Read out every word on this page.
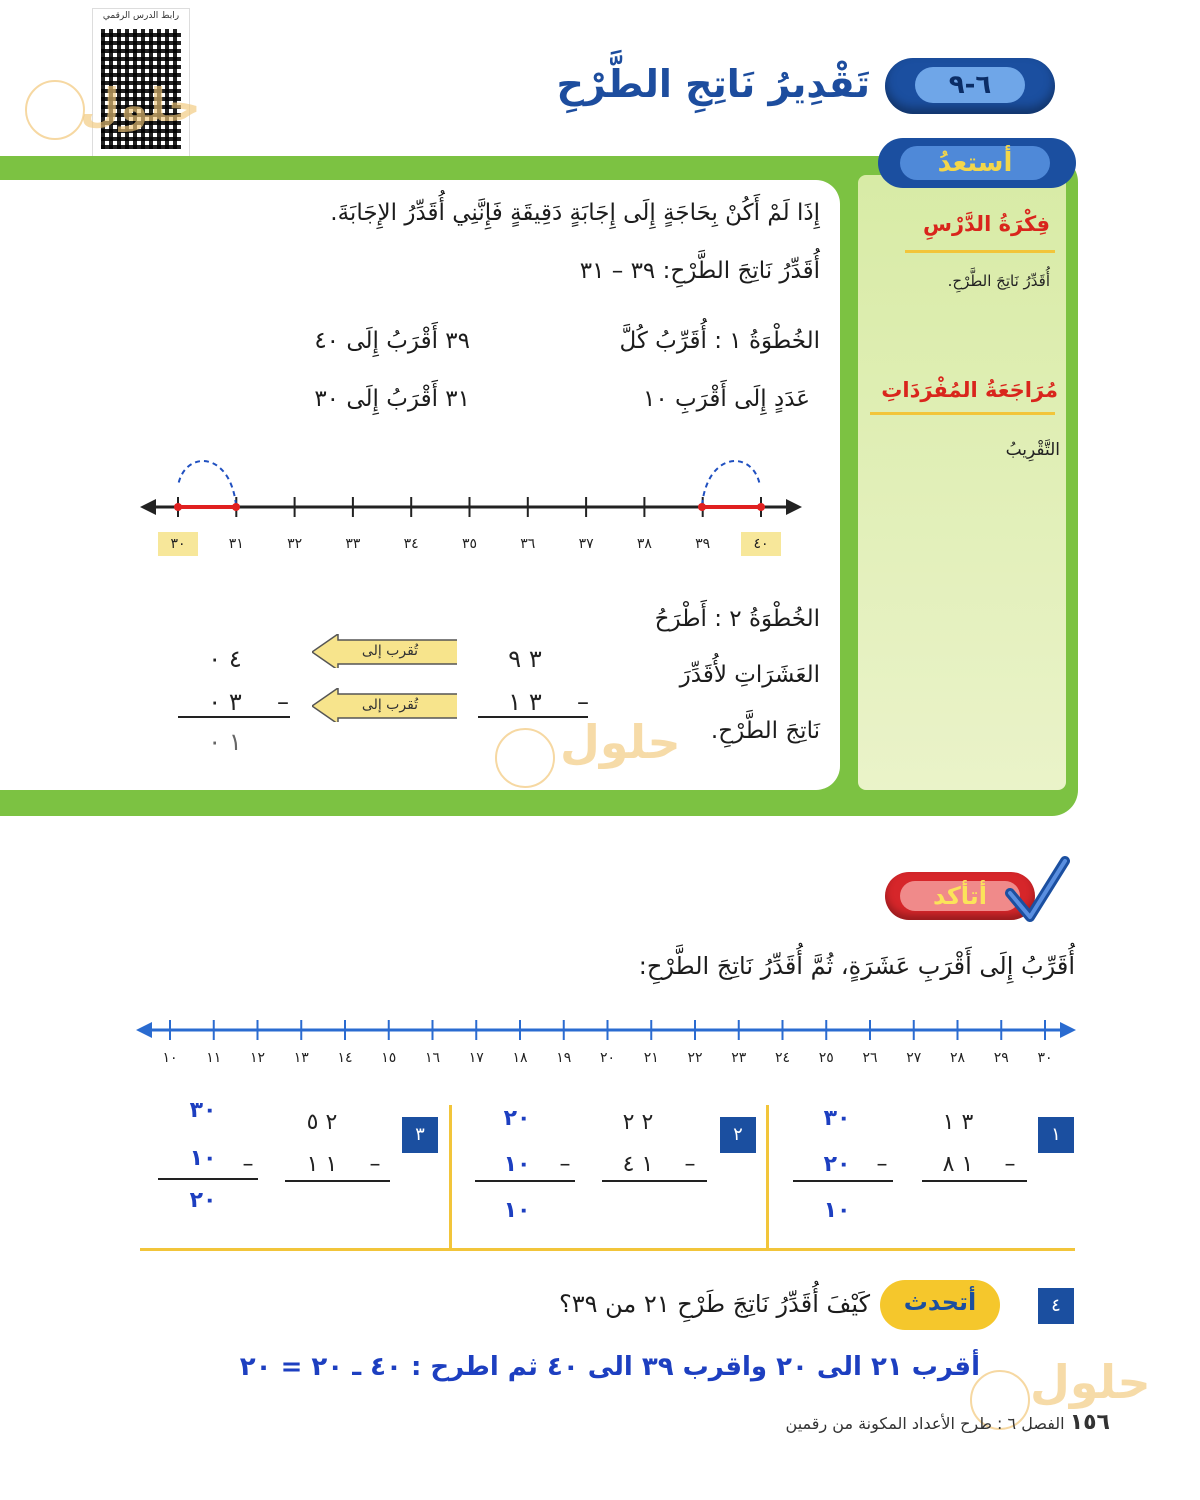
رابط الدرس الرقمي
حلول	٦-٩
تَقْدِيرُ نَاتِجِ الطَّرْحِ
أستعدُ
فِكْرَةُ الدَّرْسِ
أُقَدِّرُ نَاتِجَ الطَّرْحِ.
مُرَاجَعَةُ المُفْرَدَاتِ
التَّقْرِيبُ
إِذَا لَمْ أَكُنْ بِحَاجَةٍ إِلَى إِجَابَةٍ دَقِيقَةٍ فَإِنَّنِي أُقَدِّرُ الإِجَابَةَ.
أُقَدِّرُ نَاتِجَ الطَّرْحِ: ٣٩ – ٣١
الخُطْوَةُ ١ : أُقَرِّبُ كُلَّ
عَدَدٍ إِلَى أَقْرَبِ ١٠
٣٩ أَقْرَبُ إِلَى ٤٠
٣١ أَقْرَبُ إِلَى ٣٠
٣٠	٣١	٣٢	٣٣	٣٤	٣٥	٣٦	٣٧	٣٨	٣٩	٤٠
الخُطْوَةُ ٢ : أَطْرَحُ
العَشَرَاتِ لأُقَدِّرَ
نَاتِجَ الطَّرْحِ.
٣ ٩
٣ ١	–
تُقرب إلى
تُقرب إلى
٤ ٠
٣ ٠	–
١ ٠	حلول
أتأكد
أُقَرِّبُ إِلَى أَقْرَبِ عَشَرَةٍ، ثُمَّ أُقَدِّرُ نَاتِجَ الطَّرْحِ:
١٠	١١	١٢	١٣	١٤	١٥	١٦	١٧	١٨	١٩	٢٠	٢١	٢٢	٢٣	٢٤	٢٥	٢٦	٢٧	٢٨	٢٩	٣٠
١
٣ ١
١ ٨	–
٣٠
٢٠	–
١٠
٢
٢ ٢
١ ٤	–
٢٠
١٠	–
١٠
٣
٢ ٥
١ ١	–
٣٠
١٠	–
٢٠
٤
أتحدث
كَيْفَ أُقَدِّرُ نَاتِجَ طَرْحِ ٢١ من ٣٩؟
أقرب ٢١ الى ٢٠ واقرب ٣٩ الى ٤٠ ثم اطرح : ٤٠ ـ ٢٠ = ٢٠ حلول
١٥٦ الفصل ٦ : طرح الأعداد المكونة من رقمين
